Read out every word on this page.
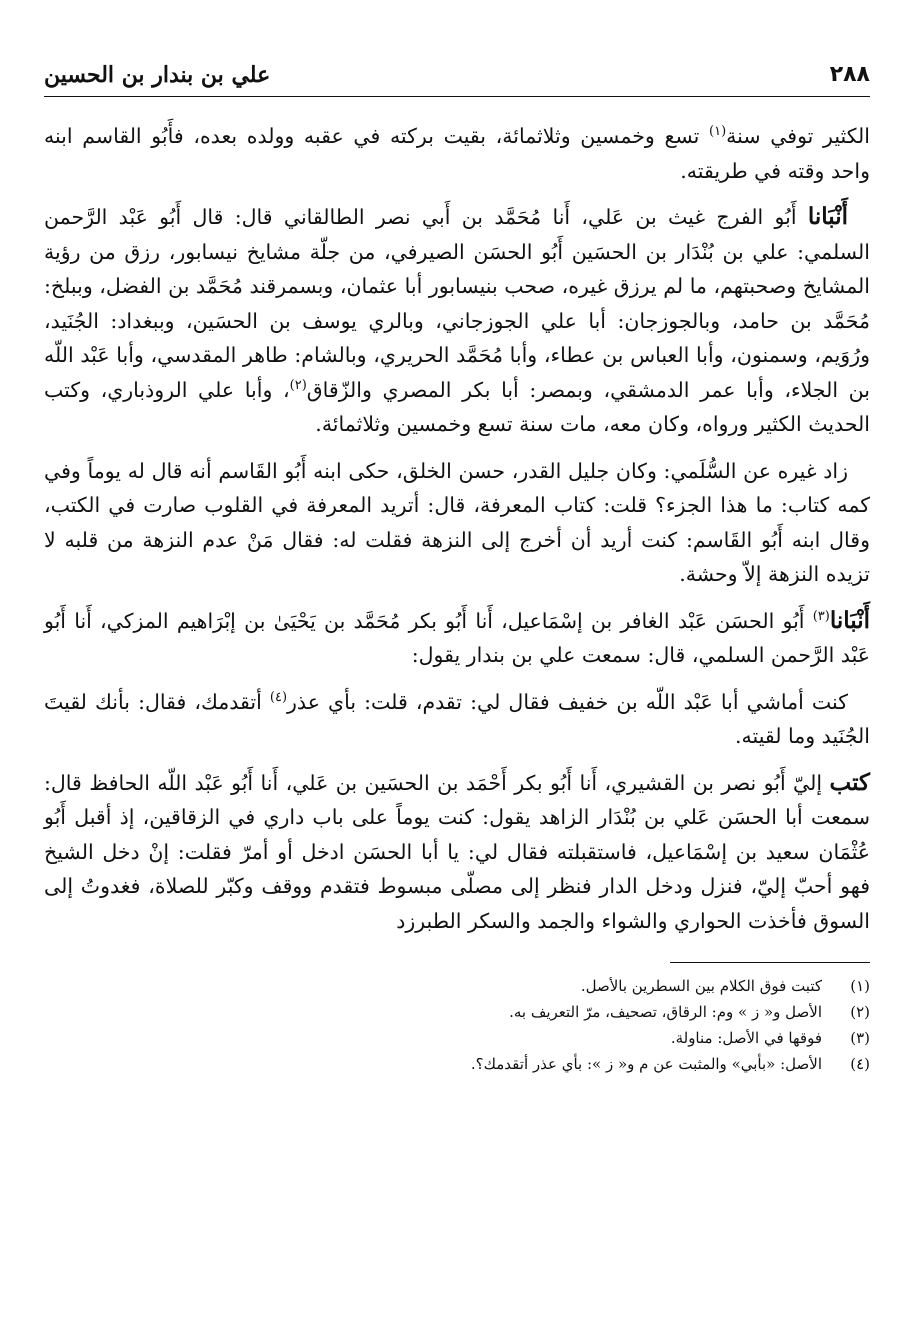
٢٨٨
علي بن بندار بن الحسين

الكثير توفي سنة$^{(١)}$ تسع وخمسين وثلاثمائة، بقيت بركته في عقبه وولده بعده، فأَبُو القاسم ابنه واحد وقته في طريقته.

أَنْبَانا أَبُو الفرج غيث بن عَلي، أَنا مُحَمَّد بن أَبي نصر الطالقاني قال: قال أَبُو عَبْد الرَّحمن السلمي: علي بن بُنْدَار بن الحسَين أَبُو الحسَن الصيرفي، من جلّة مشايخ نيسابور، رزق من رؤية المشايخ وصحبتهم، ما لم يرزق غيره، صحب بنيسابور أبا عثمان، وبسمرقند مُحَمَّد بن الفضل، وببلخ: مُحَمَّد بن حامد، وبالجوزجان: أبا علي الجوزجاني، وبالري يوسف بن الحسَين، وببغداد: الجُنَيد، ورُوَيم، وسمنون، وأبا العباس بن عطاء، وأبا مُحَمَّد الحريري، وبالشام: طاهر المقدسي، وأبا عَبْد اللّه بن الجلاء، وأبا عمر الدمشقي، وبمصر: أبا بكر المصري والزّقاق$^{(٢)}$، وأبا علي الروذباري، وكتب الحديث الكثير ورواه، وكان معه، مات سنة تسع وخمسين وثلاثمائة.

زاد غيره عن السُّلَمي: وكان جليل القدر، حسن الخلق، حكى ابنه أَبُو القَاسم أنه قال له يوماً وفي كمه كتاب: ما هذا الجزء؟ قلت: كتاب المعرفة، قال: أتريد المعرفة في القلوب صارت في الكتب، وقال ابنه أَبُو القَاسم: كنت أريد أن أخرج إلى النزهة فقلت له: فقال مَنْ عدم النزهة من قلبه لا تزيده النزهة إلاّ وحشة.

أَنْبَانا$^{(٣)}$ أَبُو الحسَن عَبْد الغافر بن إسْمَاعيل، أَنا أَبُو بكر مُحَمَّد بن يَحْيَىٰ بن إبْرَاهيم المزكي، أَنا أَبُو عَبْد الرَّحمن السلمي، قال: سمعت علي بن بندار يقول:

كنت أماشي أبا عَبْد اللّه بن خفيف فقال لي: تقدم، قلت: بأي عذر$^{(٤)}$ أتقدمك، فقال: بأنك لقيتَ الجُنَيد وما لقيته.

كتب إليّ أَبُو نصر بن القشيري، أَنا أَبُو بكر أَحْمَد بن الحسَين بن عَلي، أَنا أَبُو عَبْد اللّه الحافظ قال: سمعت أبا الحسَن عَلي بن بُنْدَار الزاهد يقول: كنت يوماً على باب داري في الزقاقين، إذ أقبل أَبُو عُثْمَان سعيد بن إسْمَاعيل، فاستقبلته فقال لي: يا أبا الحسَن ادخل أو أمرّ فقلت: إنْ دخل الشيخ فهو أحبّ إليّ، فنزل ودخل الدار فنظر إلى مصلّى مبسوط فتقدم ووقف وكبّر للصلاة، فغدوتُ إلى السوق فأخذت الحواري والشواء والجمد والسكر الطبرزد

(١)
كتبت فوق الكلام بين السطرين بالأصل.
(٢)
الأصل و« ز » وم: الرقاق، تصحيف، مرّ التعريف به.
(٣)
فوقها في الأصل: مناولة.
(٤)
الأصل: «بأبي» والمثبت عن م و« ز »: بأي عذر أتقدمك؟.
